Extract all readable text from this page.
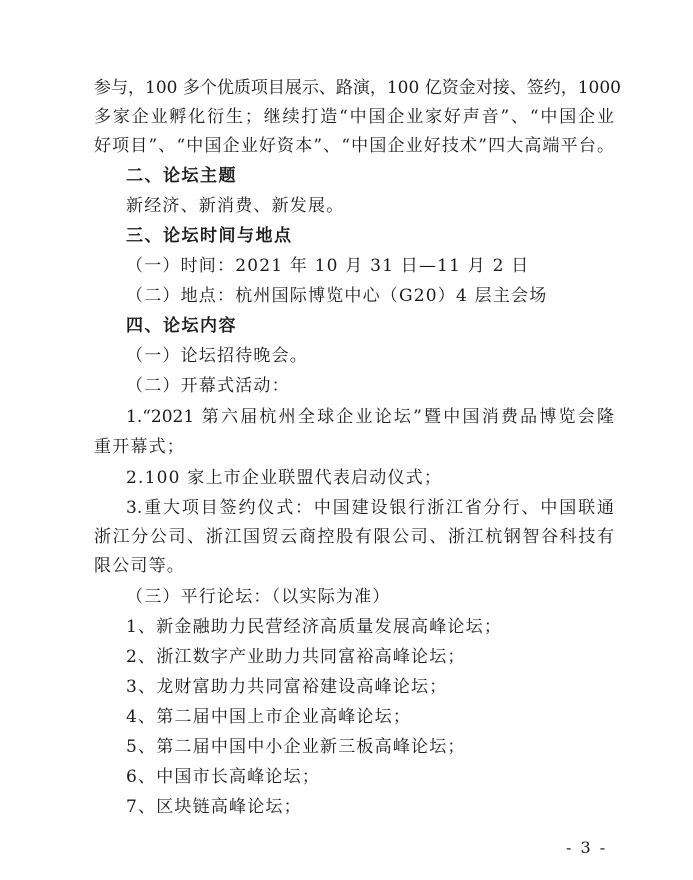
参与，100 多个优质项目展示、路演，100 亿资金对接、签约，1000
多家企业孵化衍生；继续打造“中国企业家好声音”、“中国企业
好项目”、“中国企业好资本”、“中国企业好技术”四大高端平台。
二、论坛主题
新经济、新消费、新发展。
三、论坛时间与地点
（一）时间：2021 年 10 月 31 日—11 月 2 日
（二）地点：杭州国际博览中心（G20）4 层主会场
四、论坛内容
（一）论坛招待晚会。
（二）开幕式活动：
1.“2021 第六届杭州全球企业论坛”暨中国消费品博览会隆
重开幕式；
2.100 家上市企业联盟代表启动仪式；
3.重大项目签约仪式：中国建设银行浙江省分行、中国联通
浙江分公司、浙江国贸云商控股有限公司、浙江杭钢智谷科技有
限公司等。
（三）平行论坛：（以实际为准）
1、新金融助力民营经济高质量发展高峰论坛；
2、浙江数字产业助力共同富裕高峰论坛；
3、龙财富助力共同富裕建设高峰论坛；
4、第二届中国上市企业高峰论坛；
5、第二届中国中小企业新三板高峰论坛；
6、中国市长高峰论坛；
7、区块链高峰论坛；
- 3 -
